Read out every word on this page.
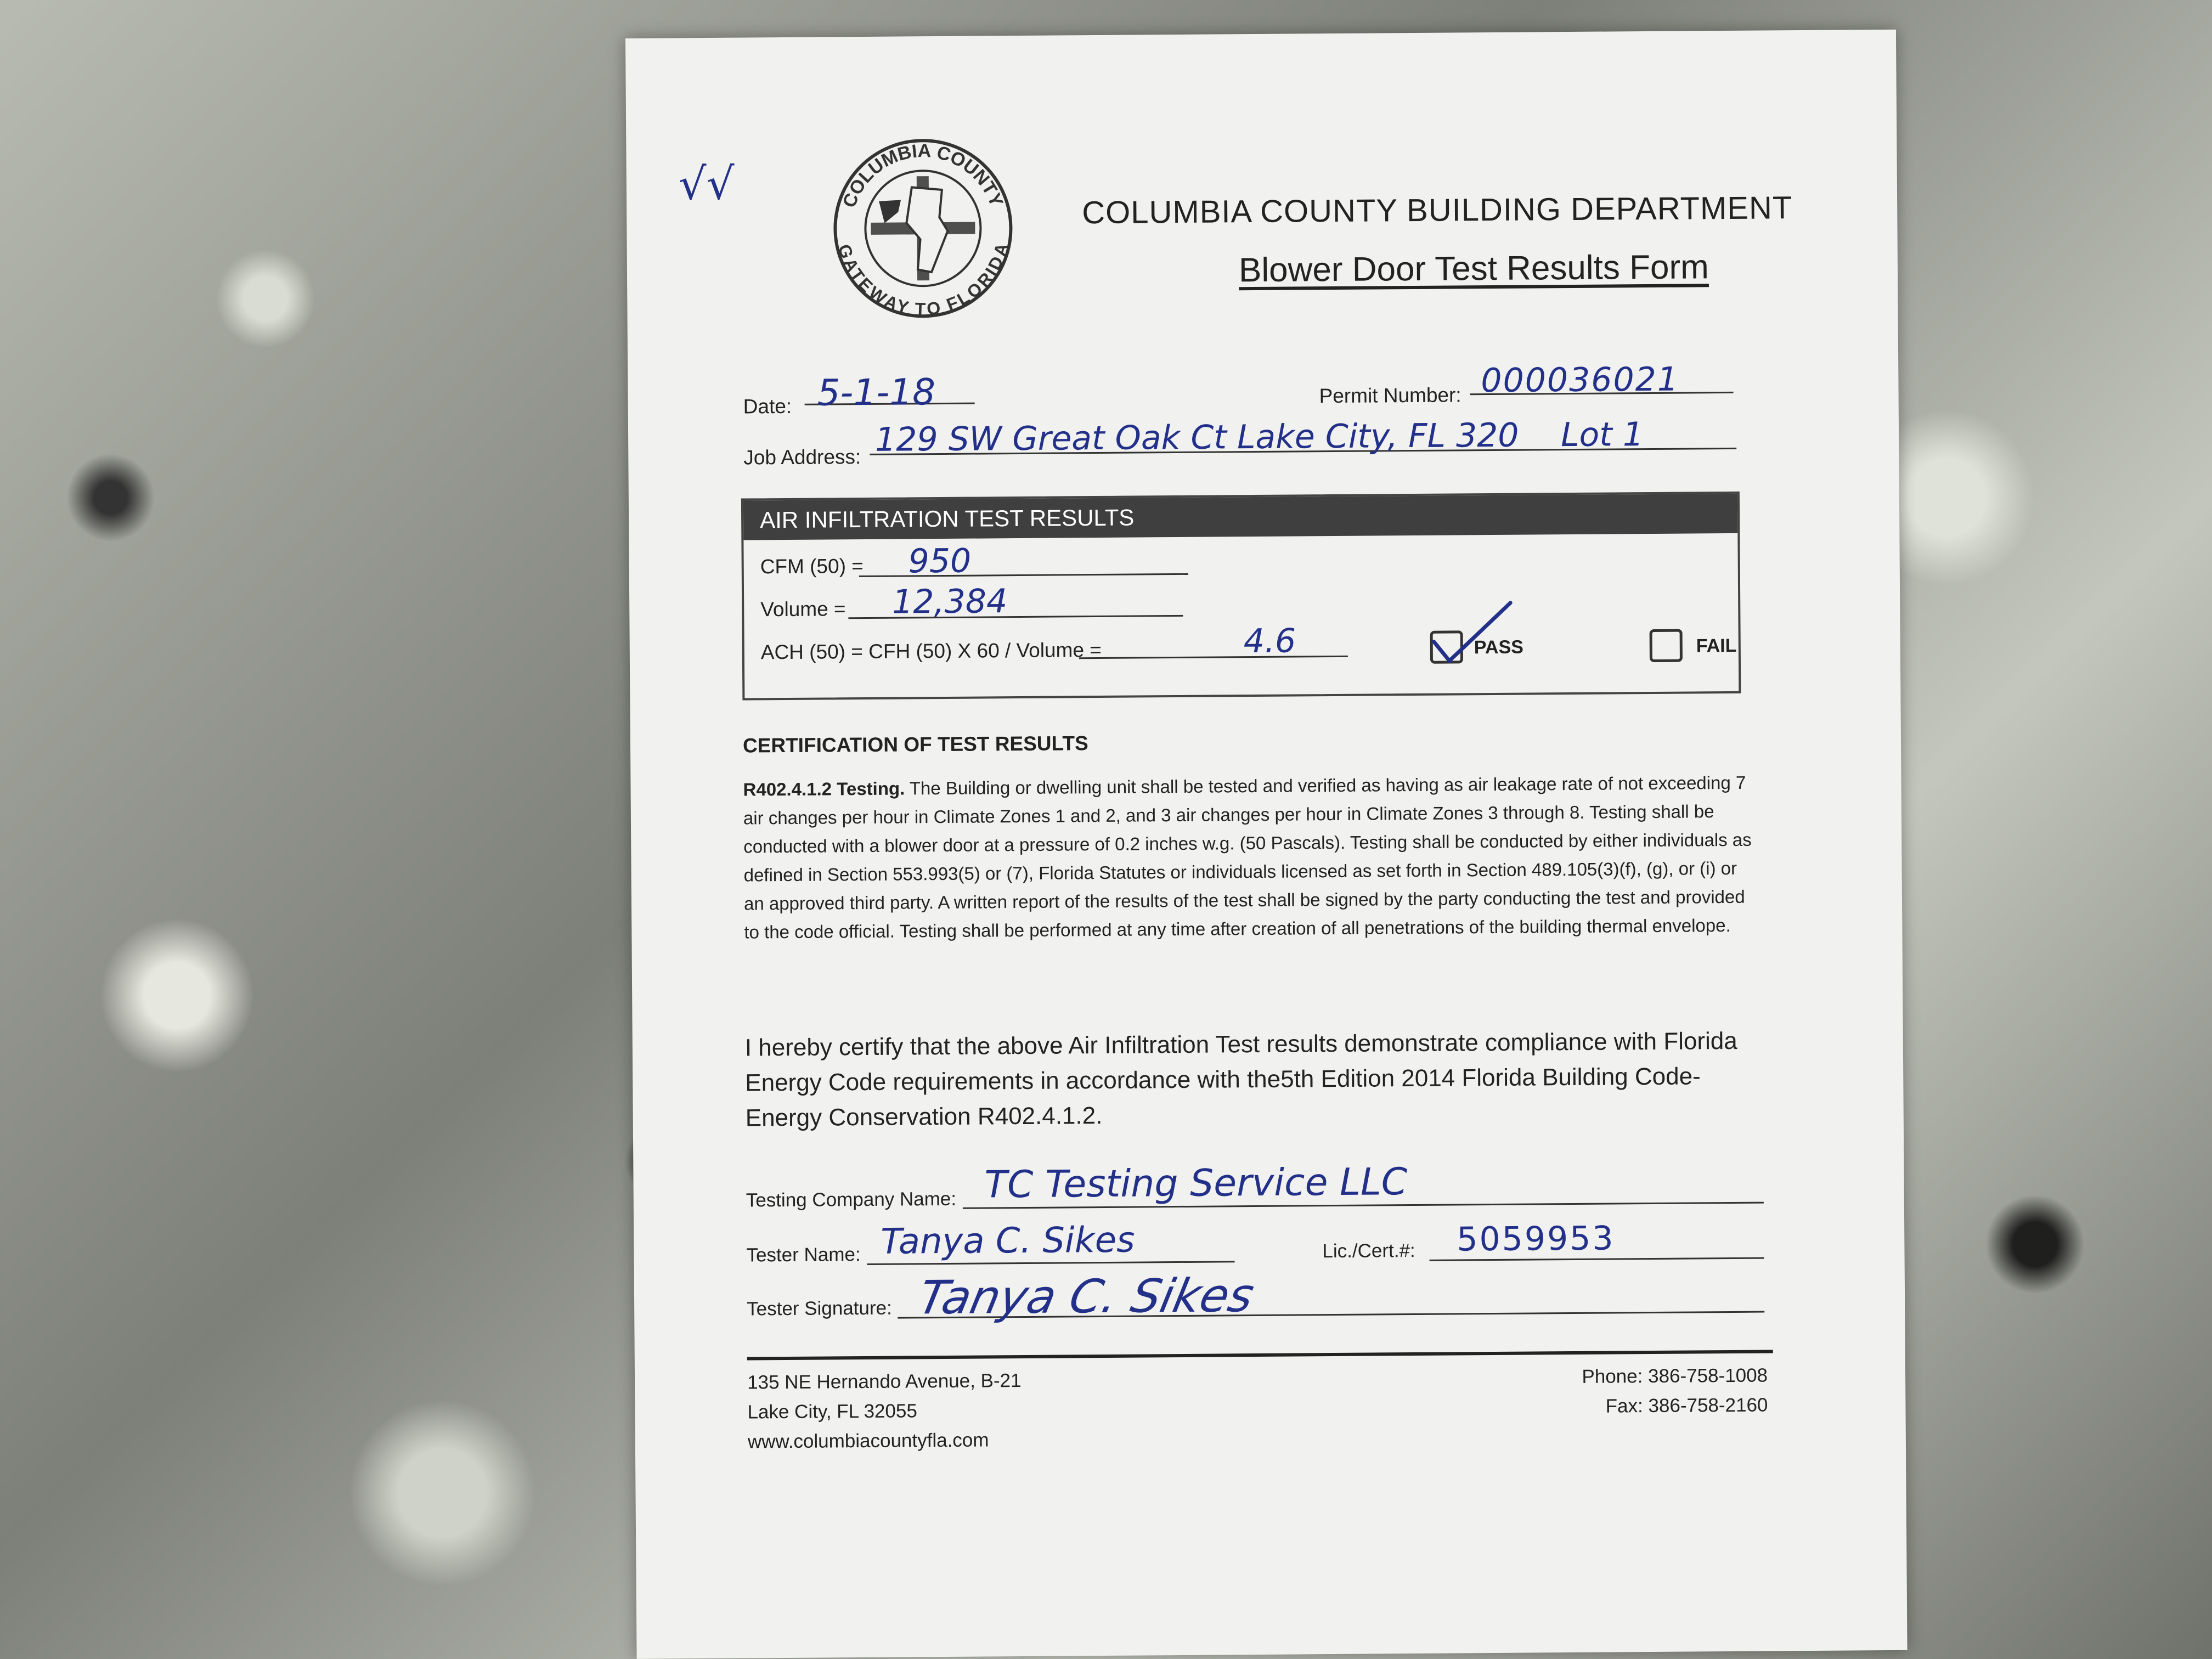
√√	COLUMBIA COUNTY
GATEWAY TO FLORIDA
COLUMBIA COUNTY BUILDING DEPARTMENT
Blower Door Test Results Form
Date: 5-1-18	Permit Number: 000036021
Job Address: 129 SW Great Oak Ct Lake City, FL 320 Lot 1
AIR INFILTRATION TEST RESULTS
CFM (50) = 950
Volume = 12,384
ACH (50) = CFH (50) X 60 / Volume =	4.6	PASS	FAIL
CERTIFICATION OF TEST RESULTS
R402.4.1.2 Testing. The Building or dwelling unit shall be tested and verified as having as air leakage rate of not exceeding 7 air changes per hour in Climate Zones 1 and 2, and 3 air changes per hour in Climate Zones 3 through 8. Testing shall be conducted with a blower door at a pressure of 0.2 inches w.g. (50 Pascals). Testing shall be conducted by either individuals as defined in Section 553.993(5) or (7), Florida Statutes or individuals licensed as set forth in Section 489.105(3)(f), (g), or (i) or an approved third party. A written report of the results of the test shall be signed by the party conducting the test and provided to the code official. Testing shall be performed at any time after creation of all penetrations of the building thermal envelope.
I hereby certify that the above Air Infiltration Test results demonstrate compliance with Florida Energy Code requirements in accordance with the5th Edition 2014 Florida Building Code-Energy Conservation R402.4.1.2.
Testing Company Name: TC Testing Service LLC
Tester Name: Tanya C. Sikes	Lic./Cert.#: 5059953
Tester Signature: Tanya C. Sikes
135 NE Hernando Avenue, B-21
Lake City, FL 32055
www.columbiacountyfla.com
Phone: 386-758-1008
Fax: 386-758-2160
